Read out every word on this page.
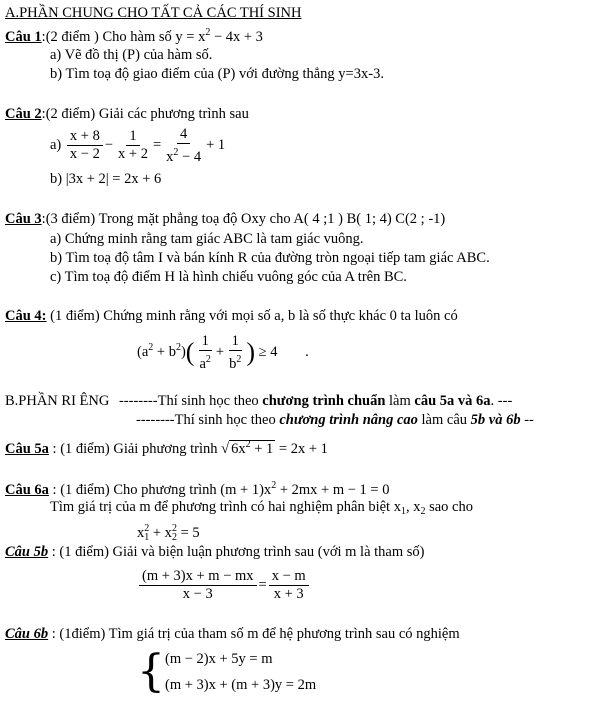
A.PHẦN CHUNG CHO TẤT CẢ CÁC THÍ SINH
Câu 1:(2 điểm ) Cho hàm số $y = x^2 - 4x + 3$
a) Vẽ đồ thị (P) của hàm số.
b) Tìm toạ độ giao điểm của (P) với đường thẳng y=3x-3.
Câu 2:(2 điểm) Giải các phương trình sau
$a) \frac{x + 8}{x - 2} - \frac{1}{x + 2} = \frac{4}{x^2 - 4} + 1$
b) |3x + 2| = 2x + 6
Câu 3:(3 điểm) Trong mặt phẳng toạ độ Oxy cho A( 4 ;1 ) B( 1; 4) C(2 ; -1)
a) Chứng minh rằng tam giác ABC là tam giác vuông.
b) Tìm toạ độ tâm I và bán kính R của đường tròn ngoại tiếp tam giác ABC.
c) Tìm toạ độ điểm H là hình chiếu vuông góc của A trên BC.
Câu 4: (1 điểm) Chứng minh rằng với mọi số a, b là số thực khác 0 ta luôn có
$(a^2 + b^2)( \frac{1}{a^2} + \frac{1}{b^2}$ ) ≥ 4 .
B.PHẦN RI ÊNG --------Thí sinh học theo chương trình chuẩn làm câu 5a và 6a. ---
--------Thí sinh học theo chương trình nâng cao làm câu 5b và 6b --
Câu 5a : (1 điểm) Giải phương trình √ $6x^2 + 1 = 2x + 1$
Câu 6a : (1 điểm) Cho phương trình $(m + 1)x^2 + 2mx + m - 1 = 0$
Tìm giá trị của m để phương trình có hai nghiệm phân biệt $x_1$, $x_2$ sao cho
$x_1^2 + x_2^2 = 5$
Câu 5b : (1 điểm) Giải và biện luận phương trình sau (với m là tham số)
$\frac{(m + 3)x + m - mx}{x - 3} = \frac{x - m}{x + 3}$
Câu 6b : (1điểm) Tìm giá trị của tham số m để hệ phương trình sau có nghiệm
{ (m − 2)x + 5y = m
(m + 3)x + (m + 3)y = 2m
